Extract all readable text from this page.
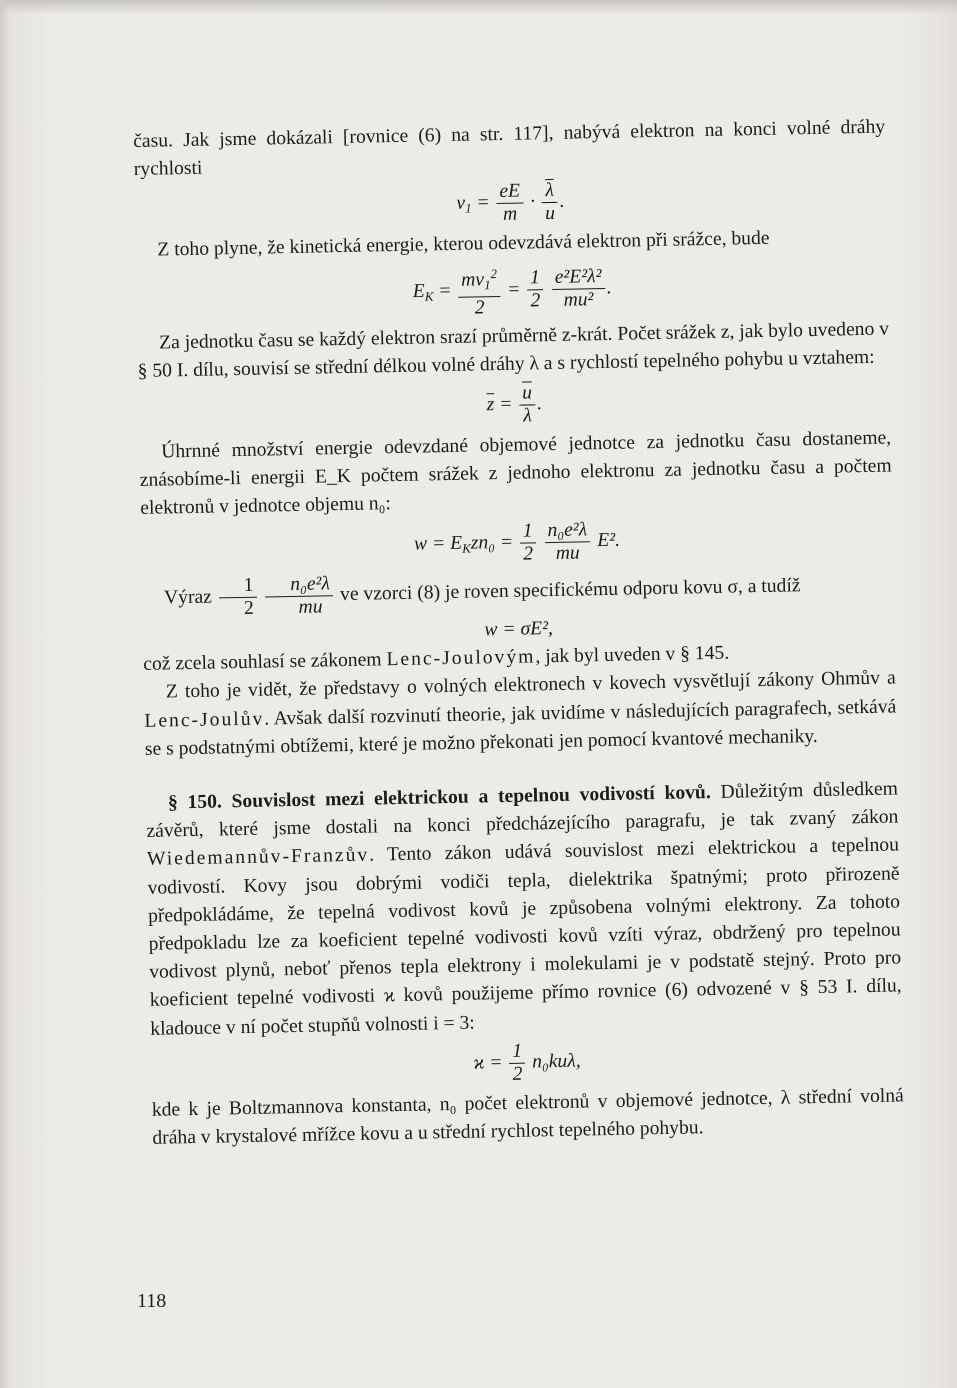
času. Jak jsme dokázali [rovnice (6) na str. 117], nabývá elektron na konci volné dráhy rychlosti

$v_1 = \frac{eE}{m} \cdot \frac{\overline{\lambda}}{u}$ .

Z toho plyne, že kinetická energie, kterou odevzdává elektron při srážce, bude

$E_K = \frac{mv_1^2}{2} = \frac{1}{2}$
$\frac{\text{e²E²λ²}}{\text{mu²}}$ .

Za jednotku času se každý elektron srazí průměrně z-krát. Počet srážek z, jak bylo uvedeno v § 50 I. dílu, souvisí se střední délkou volné dráhy λ a s rychlostí tepelného pohybu u vztahem:

$\overline{z} = \frac{\overline{u}}{\lambda}$ .

Úhrnné množství energie odevzdané objemové jednotce za jednotku času dostaneme, znásobíme-li energii E_K počtem srážek z jednoho elektronu za jednotku času a počtem elektronů v jednotce objemu n₀:

$w = E_Kzn_0 = \frac{1}{2}$
$\frac{\text{n₀e²λ}}{mu} E^2$.

Výraz $\frac{1}{2}$
$\frac{\text{n₀e²λ}}{mu}$ ve vzorci (8) je roven specifickému odporu kovu σ, a tudíž

w = σE²,

což zcela souhlasí se zákonem Lenc-Joulovým, jak byl uveden v § 145.

Z toho je vidět, že představy o volných elektronech v kovech vysvětlují zákony Ohmův a Lenc-Joulův. Avšak další rozvinutí theorie, jak uvidíme v následujících paragrafech, setkává se s podstatnými obtížemi, které je možno překonati jen pomocí kvantové mechaniky.

§ 150. Souvislost mezi elektrickou a tepelnou vodivostí kovů. Důležitým důsledkem závěrů, které jsme dostali na konci předcházejícího paragrafu, je tak zvaný zákon Wiedemannův-Franzův. Tento zákon udává souvislost mezi elektrickou a tepelnou vodivostí. Kovy jsou dobrými vodiči tepla, dielektrika špatnými; proto přirozeně předpokládáme, že tepelná vodivost kovů je způsobena volnými elektrony. Za tohoto předpokladu lze za koeficient tepelné vodivosti kovů vzíti výraz, obdržený pro tepelnou vodivost plynů, neboť přenos tepla elektrony i molekulami je v podstatě stejný. Proto pro koeficient tepelné vodivosti ϰ kovů použijeme přímo rovnice (6) odvozené v § 53 I. dílu, kladouce v ní počet stupňů volnosti i = 3:

$ϰ = \frac{1}{2} n_0ku\lambda$,

kde k je Boltzmannova konstanta, n₀ počet elektronů v objemové jednotce, λ střední volná dráha v krystalové mřížce kovu a u střední rychlost tepelného pohybu.

118
